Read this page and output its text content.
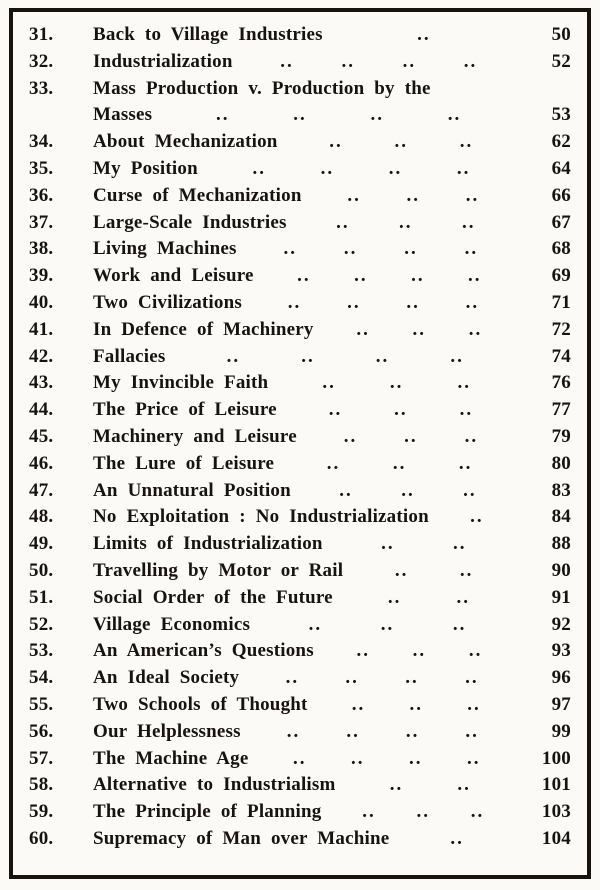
31.	Back to Village Industries	..	50
32.	Industrialization	..	..	..	..	52
33.	Mass Production v. Production by the
Masses	..	..	..	..	53
34.	About Mechanization	..	..	..	62
35.	My Position	..	..	..	..	64
36.	Curse of Mechanization .. .. ..	66
37.	Large-Scale Industries	..	..	..	67
38.	Living Machines .. .. .. ..	68
39.	Work and Leisure .. .. .. ..	69
40.	Two Civilizations .. .. .. ..	71
41.	In Defence of Machinery .. .. ..	72
42.	Fallacies	..	..	..	..	74
43.	My Invincible Faith	..	..	..	76
44.	The Price of Leisure	..	..	..	77
45.	Machinery and Leisure .. .. ..	79
46.	The Lure of Leisure	..	..	..	80
47.	An Unnatural Position	..	..	..	83
48.	No Exploitation : No Industrialization ..	84
49.	Limits of Industrialization	..	..	88
50.	Travelling by Motor or Rail	..	..	90
51.	Social Order of the Future	..	..	91
52.	Village Economics	..	..	..	92
53.	An American’s Questions .. .. ..	93
54.	An Ideal Society .. .. .. ..	96
55.	Two Schools of Thought .. .. ..	97
56.	Our Helplessness .. .. .. ..	99
57.	The Machine Age .. .. .. ..	100
58.	Alternative to Industrialism	..	..	101
59.	The Principle of Planning .. .. ..	103
60.	Supremacy of Man over Machine	..	104
